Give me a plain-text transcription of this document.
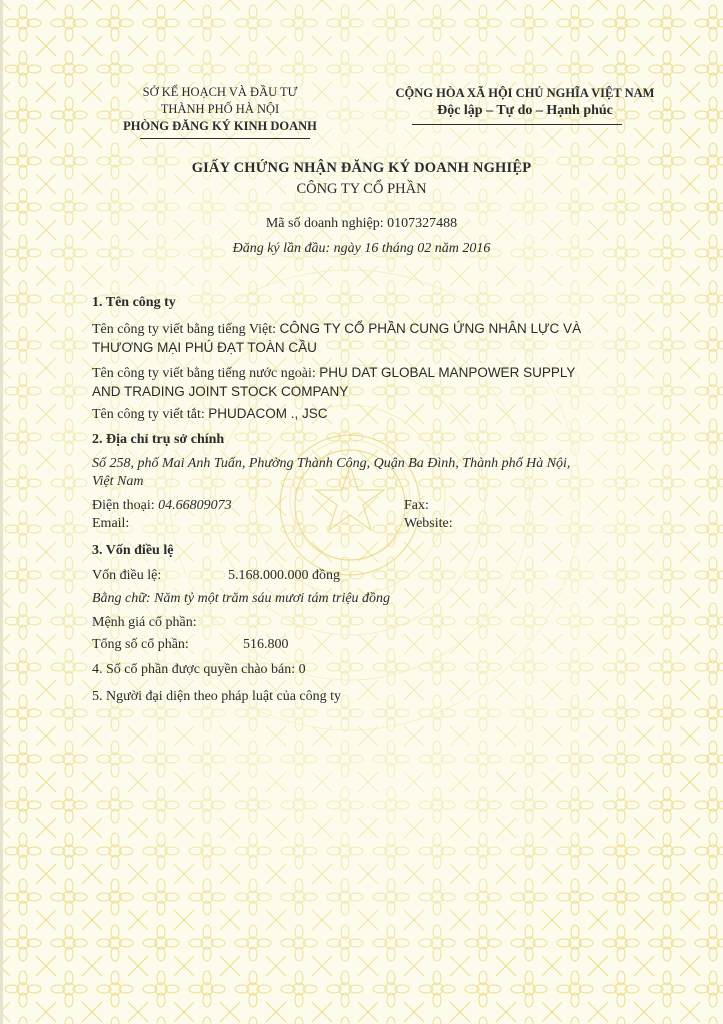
SỞ KẾ HOẠCH VÀ ĐẦU TƯ
THÀNH PHỐ HÀ NỘI
PHÒNG ĐĂNG KÝ KINH DOANH
CỘNG HÒA XÃ HỘI CHỦ NGHĨA VIỆT NAM
Độc lập – Tự do – Hạnh phúc
GIẤY CHỨNG NHẬN ĐĂNG KÝ DOANH NGHIỆP
CÔNG TY CỔ PHẦN
Mã số doanh nghiệp: 0107327488
Đăng ký lần đầu: ngày 16 tháng 02 năm 2016
1. Tên công ty
Tên công ty viết bằng tiếng Việt: CÔNG TY CỔ PHẦN CUNG ỨNG NHÂN LỰC VÀ
THƯƠNG MẠI PHÚ ĐẠT TOÀN CẦU
Tên công ty viết bằng tiếng nước ngoài: PHU DAT GLOBAL MANPOWER SUPPLY
AND TRADING JOINT STOCK COMPANY
Tên công ty viết tắt: PHUDACOM ., JSC
2. Địa chỉ trụ sở chính
Số 258, phố Mai Anh Tuấn, Phường Thành Công, Quận Ba Đình, Thành phố Hà Nội,
Việt Nam
Điện thoại: 04.66809073	Fax:
Email:	Website:
3. Vốn điều lệ
Vốn điều lệ:	5.168.000.000 đồng
Bằng chữ: Năm tỷ một trăm sáu mươi tám triệu đồng
Mệnh giá cổ phần:
Tổng số cổ phần:	516.800
4. Số cổ phần được quyền chào bán: 0
5. Người đại diện theo pháp luật của công ty
